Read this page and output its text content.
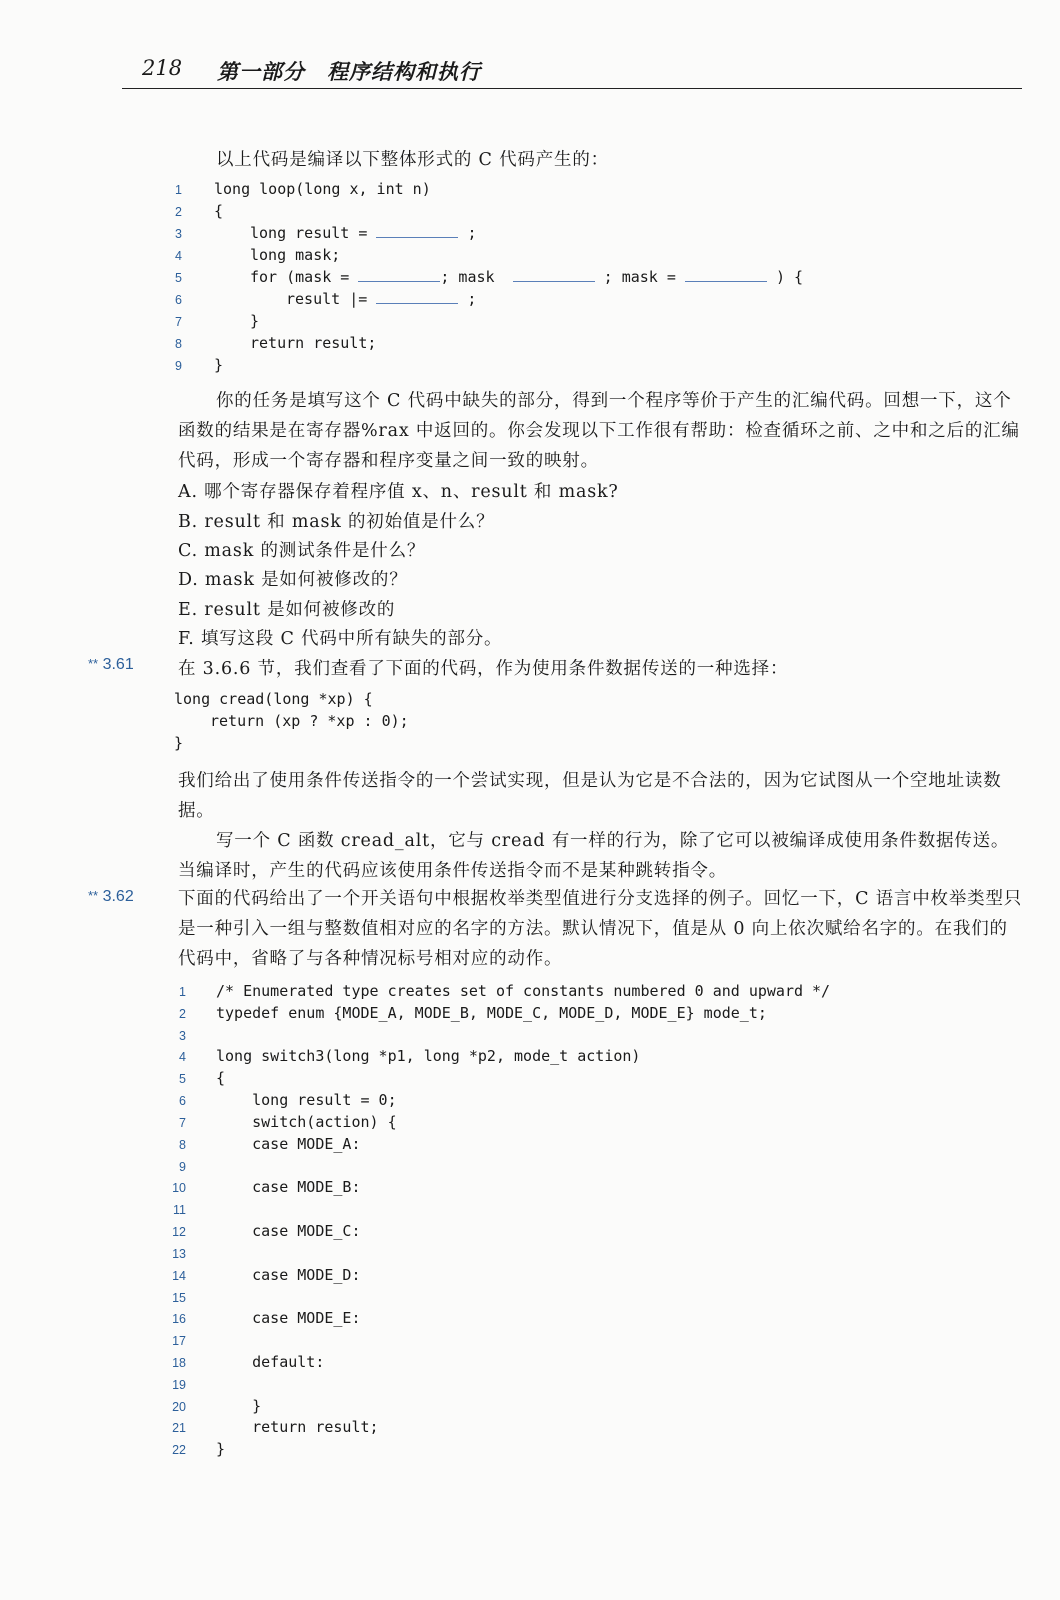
218 第一部分　程序结构和执行
以上代码是编译以下整体形式的 C 代码产生的：
1
2
3
4
5
6
7
8
9
long loop(long x, int n)
{
long result =	;
long mask;
for (mask =	; mask	; mask =	) {
result |=	;
}
return result;
}
你的任务是填写这个 C 代码中缺失的部分，得到一个程序等价于产生的汇编代码。回想一下，这个函数的结果是在寄存器%rax 中返回的。你会发现以下工作很有帮助：检查循环之前、之中和之后的汇编代码，形成一个寄存器和程序变量之间一致的映射。
A. 哪个寄存器保存着程序值 x、n、result 和 mask?
B. result 和 mask 的初始值是什么？
C. mask 的测试条件是什么？
D. mask 是如何被修改的？
E. result 是如何被修改的
F. 填写这段 C 代码中所有缺失的部分。
** 3.61	在 3.6.6 节，我们查看了下面的代码，作为使用条件数据传送的一种选择：
long cread(long *xp) {
return (xp ? *xp : 0);
}
我们给出了使用条件传送指令的一个尝试实现，但是认为它是不合法的，因为它试图从一个空地址读数据。
写一个 C 函数 cread_alt，它与 cread 有一样的行为，除了它可以被编译成使用条件数据传送。当编译时，产生的代码应该使用条件传送指令而不是某种跳转指令。
** 3.62	下面的代码给出了一个开关语句中根据枚举类型值进行分支选择的例子。回忆一下，C 语言中枚举类型只是一种引入一组与整数值相对应的名字的方法。默认情况下，值是从 0 向上依次赋给名字的。在我们的代码中，省略了与各种情况标号相对应的动作。
/* Enumerated type creates set of constants numbered 0 and upward */
typedef enum {MODE_A, MODE_B, MODE_C, MODE_D, MODE_E} mode_t;
long switch3(long *p1, long *p2, mode_t action)
{
long result = 0;
switch(action) {
case MODE_A:
case MODE_B:
case MODE_C:
case MODE_D:
case MODE_E:
default:
}
return result;
}
1
2
3
4
5
6
7
8
9
10
11
12
13
14
15
16
17
18
19
20
21
22
